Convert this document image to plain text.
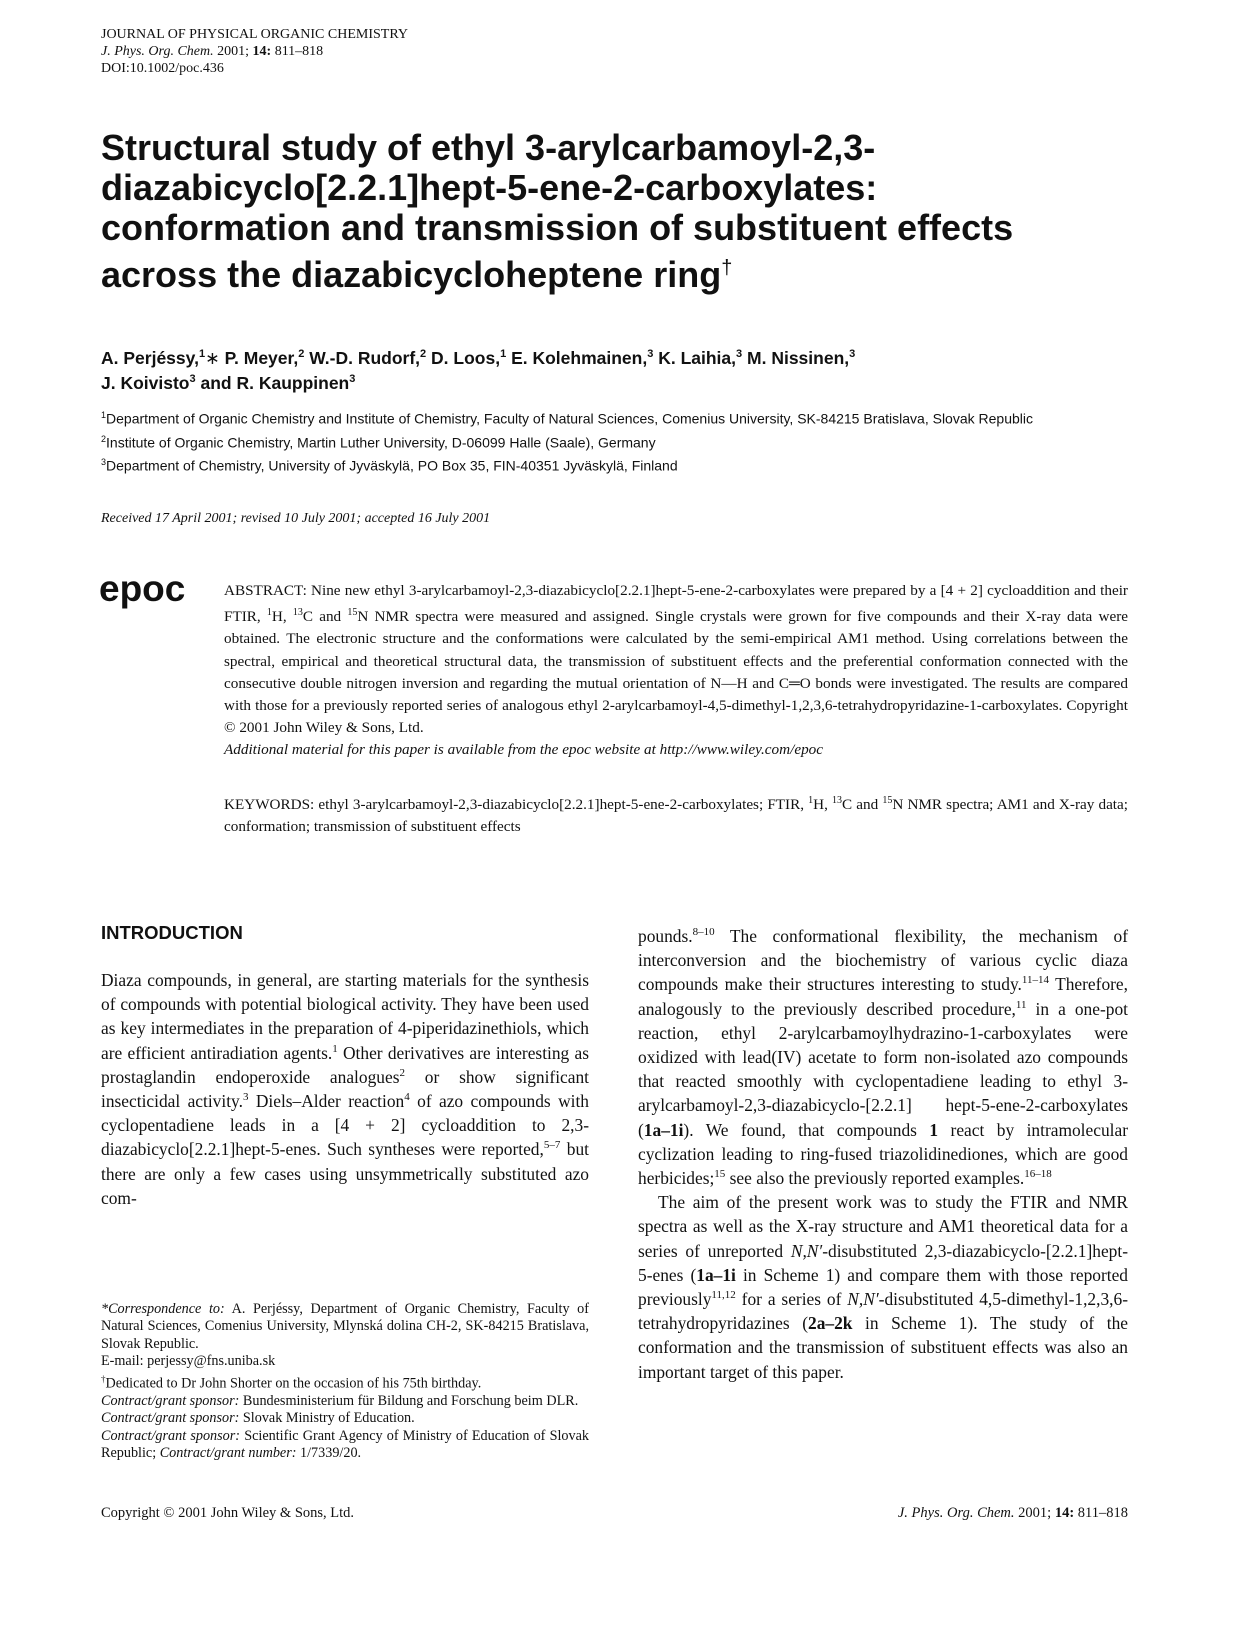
JOURNAL OF PHYSICAL ORGANIC CHEMISTRY
J. Phys. Org. Chem. 2001; 14: 811–818
DOI:10.1002/poc.436
Structural study of ethyl 3-arylcarbamoyl-2,3-diazabicyclo[2.2.1]hept-5-ene-2-carboxylates: conformation and transmission of substituent effects across the diazabicycloheptene ring†
A. Perjéssy,$^1$∗ P. Meyer,$^2$ W.-D. Rudorf,$^2$ D. Loos,$^1$ E. Kolehmainen,$^3$ K. Laihia,$^3$ M. Nissinen,$^3$
J. Koivisto$^3$ and R. Kauppinen$^3$
$^1$Department of Organic Chemistry and Institute of Chemistry, Faculty of Natural Sciences, Comenius University, SK-84215 Bratislava, Slovak Republic
$^2$Institute of Organic Chemistry, Martin Luther University, D-06099 Halle (Saale), Germany
$^3$Department of Chemistry, University of Jyväskylä, PO Box 35, FIN-40351 Jyväskylä, Finland
Received 17 April 2001; revised 10 July 2001; accepted 16 July 2001
epoc	ABSTRACT: Nine new ethyl 3-arylcarbamoyl-2,3-diazabicyclo[2.2.1]hept-5-ene-2-carboxylates were prepared by a [4 + 2] cycloaddition and their FTIR, $^1$H, $^{13}$C and $^{15}$N NMR spectra were measured and assigned. Single crystals were grown for five compounds and their X-ray data were obtained. The electronic structure and the conformations were calculated by the semi-empirical AM1 method. Using correlations between the spectral, empirical and theoretical structural data, the transmission of substituent effects and the preferential conformation connected with the consecutive double nitrogen inversion and regarding the mutual orientation of N—H and C═O bonds were investigated. The results are compared with those for a previously reported series of analogous ethyl 2-arylcarbamoyl-4,5-dimethyl-1,2,3,6-tetrahydropyridazine-1-carboxylates. Copyright © 2001 John Wiley & Sons, Ltd.
Additional material for this paper is available from the epoc website at http://www.wiley.com/epoc
KEYWORDS: ethyl 3-arylcarbamoyl-2,3-diazabicyclo[2.2.1]hept-5-ene-2-carboxylates; FTIR, $^1$H, $^{13}$C and $^{15}$N NMR spectra; AM1 and X-ray data; conformation; transmission of substituent effects
INTRODUCTION

Diaza compounds, in general, are starting materials for the synthesis of compounds with potential biological activity. They have been used as key intermediates in the preparation of 4-piperidazinethiols, which are efficient antiradiation agents.$^1$ Other derivatives are interesting as prostaglandin endoperoxide analogues$^2$ or show significant insecticidal activity.$^3$ Diels–Alder reaction$^4$ of azo compounds with cyclopentadiene leads in a [4 + 2] cycloaddition to 2,3-diazabicyclo[2.2.1]hept-5-enes. Such syntheses were reported,$^{5-7}$ but there are only a few cases using unsymmetrically substituted azo com-

pounds.$^{8-10}$ The conformational flexibility, the mechanism of interconversion and the biochemistry of various cyclic diaza compounds make their structures interesting to study.$^{11-14}$ Therefore, analogously to the previously described procedure,$^{11}$ in a one-pot reaction, ethyl 2-arylcarbamoylhydrazino-1-carboxylates were oxidized with lead(IV) acetate to form non-isolated azo compounds that reacted smoothly with cyclopentadiene leading to ethyl 3-arylcarbamoyl-2,3-diazabicyclo-[2.2.1] hept-5-ene-2-carboxylates (1a–1i). We found, that compounds 1 react by intramolecular cyclization leading to ring-fused triazolidinediones, which are good herbicides;$^{15}$ see also the previously reported examples.$^{16-18}$

The aim of the present work was to study the FTIR and NMR spectra as well as the X-ray structure and AM1 theoretical data for a series of unreported N,N′-disubstituted 2,3-diazabicyclo-[2.2.1]hept-5-enes (1a–1i in Scheme 1) and compare them with those reported previously$^{11,12}$ for a series of N,N′-disubstituted 4,5-dimethyl-1,2,3,6-tetrahydropyridazines (2a–2k in Scheme 1). The study of the conformation and the transmission of substituent effects was also an important target of this paper.

*Correspondence to: A. Perjéssy, Department of Organic Chemistry, Faculty of Natural Sciences, Comenius University, Mlynská dolina CH-2, SK-84215 Bratislava, Slovak Republic.

E-mail: perjessy@fns.uniba.sk

†Dedicated to Dr John Shorter on the occasion of his 75th birthday.

Contract/grant sponsor: Bundesministerium für Bildung and Forschung beim DLR.

Contract/grant sponsor: Slovak Ministry of Education.

Contract/grant sponsor: Scientific Grant Agency of Ministry of Education of Slovak Republic; Contract/grant number: 1/7339/20.

Copyright © 2001 John Wiley & Sons, Ltd.	J. Phys. Org. Chem. 2001; 14: 811–818
